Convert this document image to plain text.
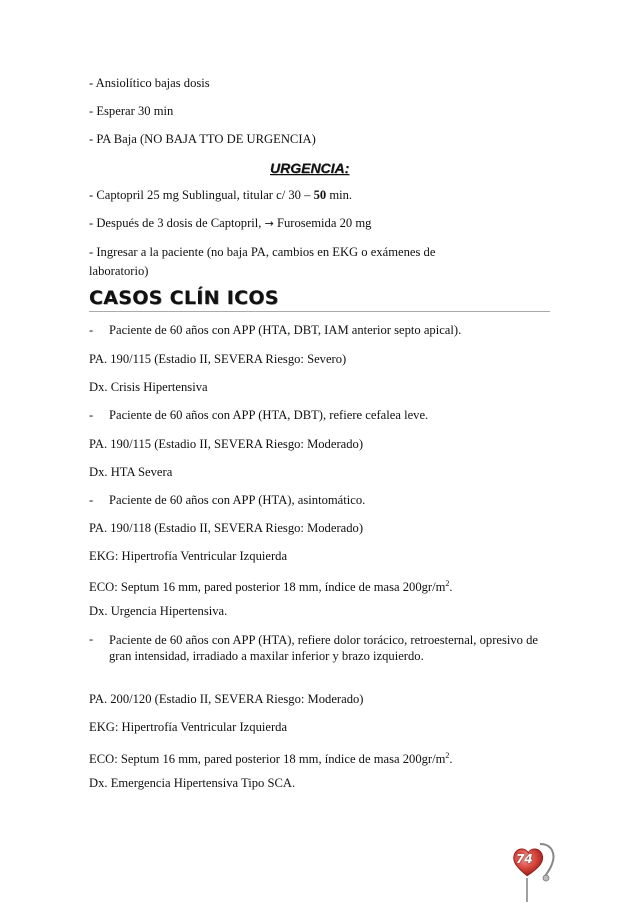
- Ansiolítico bajas dosis
- Esperar 30 min
- PA Baja (NO BAJA TTO DE URGENCIA)
URGENCIA:
- Captopril 25 mg Sublingual, titular c/ 30 – 50 min.
- Después de 3 dosis de Captopril, → Furosemida 20 mg
- Ingresar a la paciente (no baja PA, cambios en EKG o exámenes de
laboratorio)
CASOS CLÍN ICOS
- Paciente de 60 años con APP (HTA, DBT, IAM anterior septo apical).
PA. 190/115 (Estadio II, SEVERA Riesgo: Severo)
Dx. Crisis Hipertensiva
- Paciente de 60 años con APP (HTA, DBT), refiere cefalea leve.
PA. 190/115 (Estadio II, SEVERA Riesgo: Moderado)
Dx. HTA Severa
- Paciente de 60 años con APP (HTA), asintomático.
PA. 190/118 (Estadio II, SEVERA Riesgo: Moderado)
EKG: Hipertrofía Ventricular Izquierda
ECO: Septum 16 mm, pared posterior 18 mm, índice de masa $200gr/m^2$.
Dx. Urgencia Hipertensiva.
- Paciente de 60 años con APP (HTA), refiere dolor torácico, retroesternal, opresivo de gran intensidad, irradiado a maxilar inferior y brazo izquierdo.
PA. 200/120 (Estadio II, SEVERA Riesgo: Moderado)
EKG: Hipertrofía Ventricular Izquierda
ECO: Septum 16 mm, pared posterior 18 mm, índice de masa $200gr/m^2$.
Dx. Emergencia Hipertensiva Tipo SCA.
74
